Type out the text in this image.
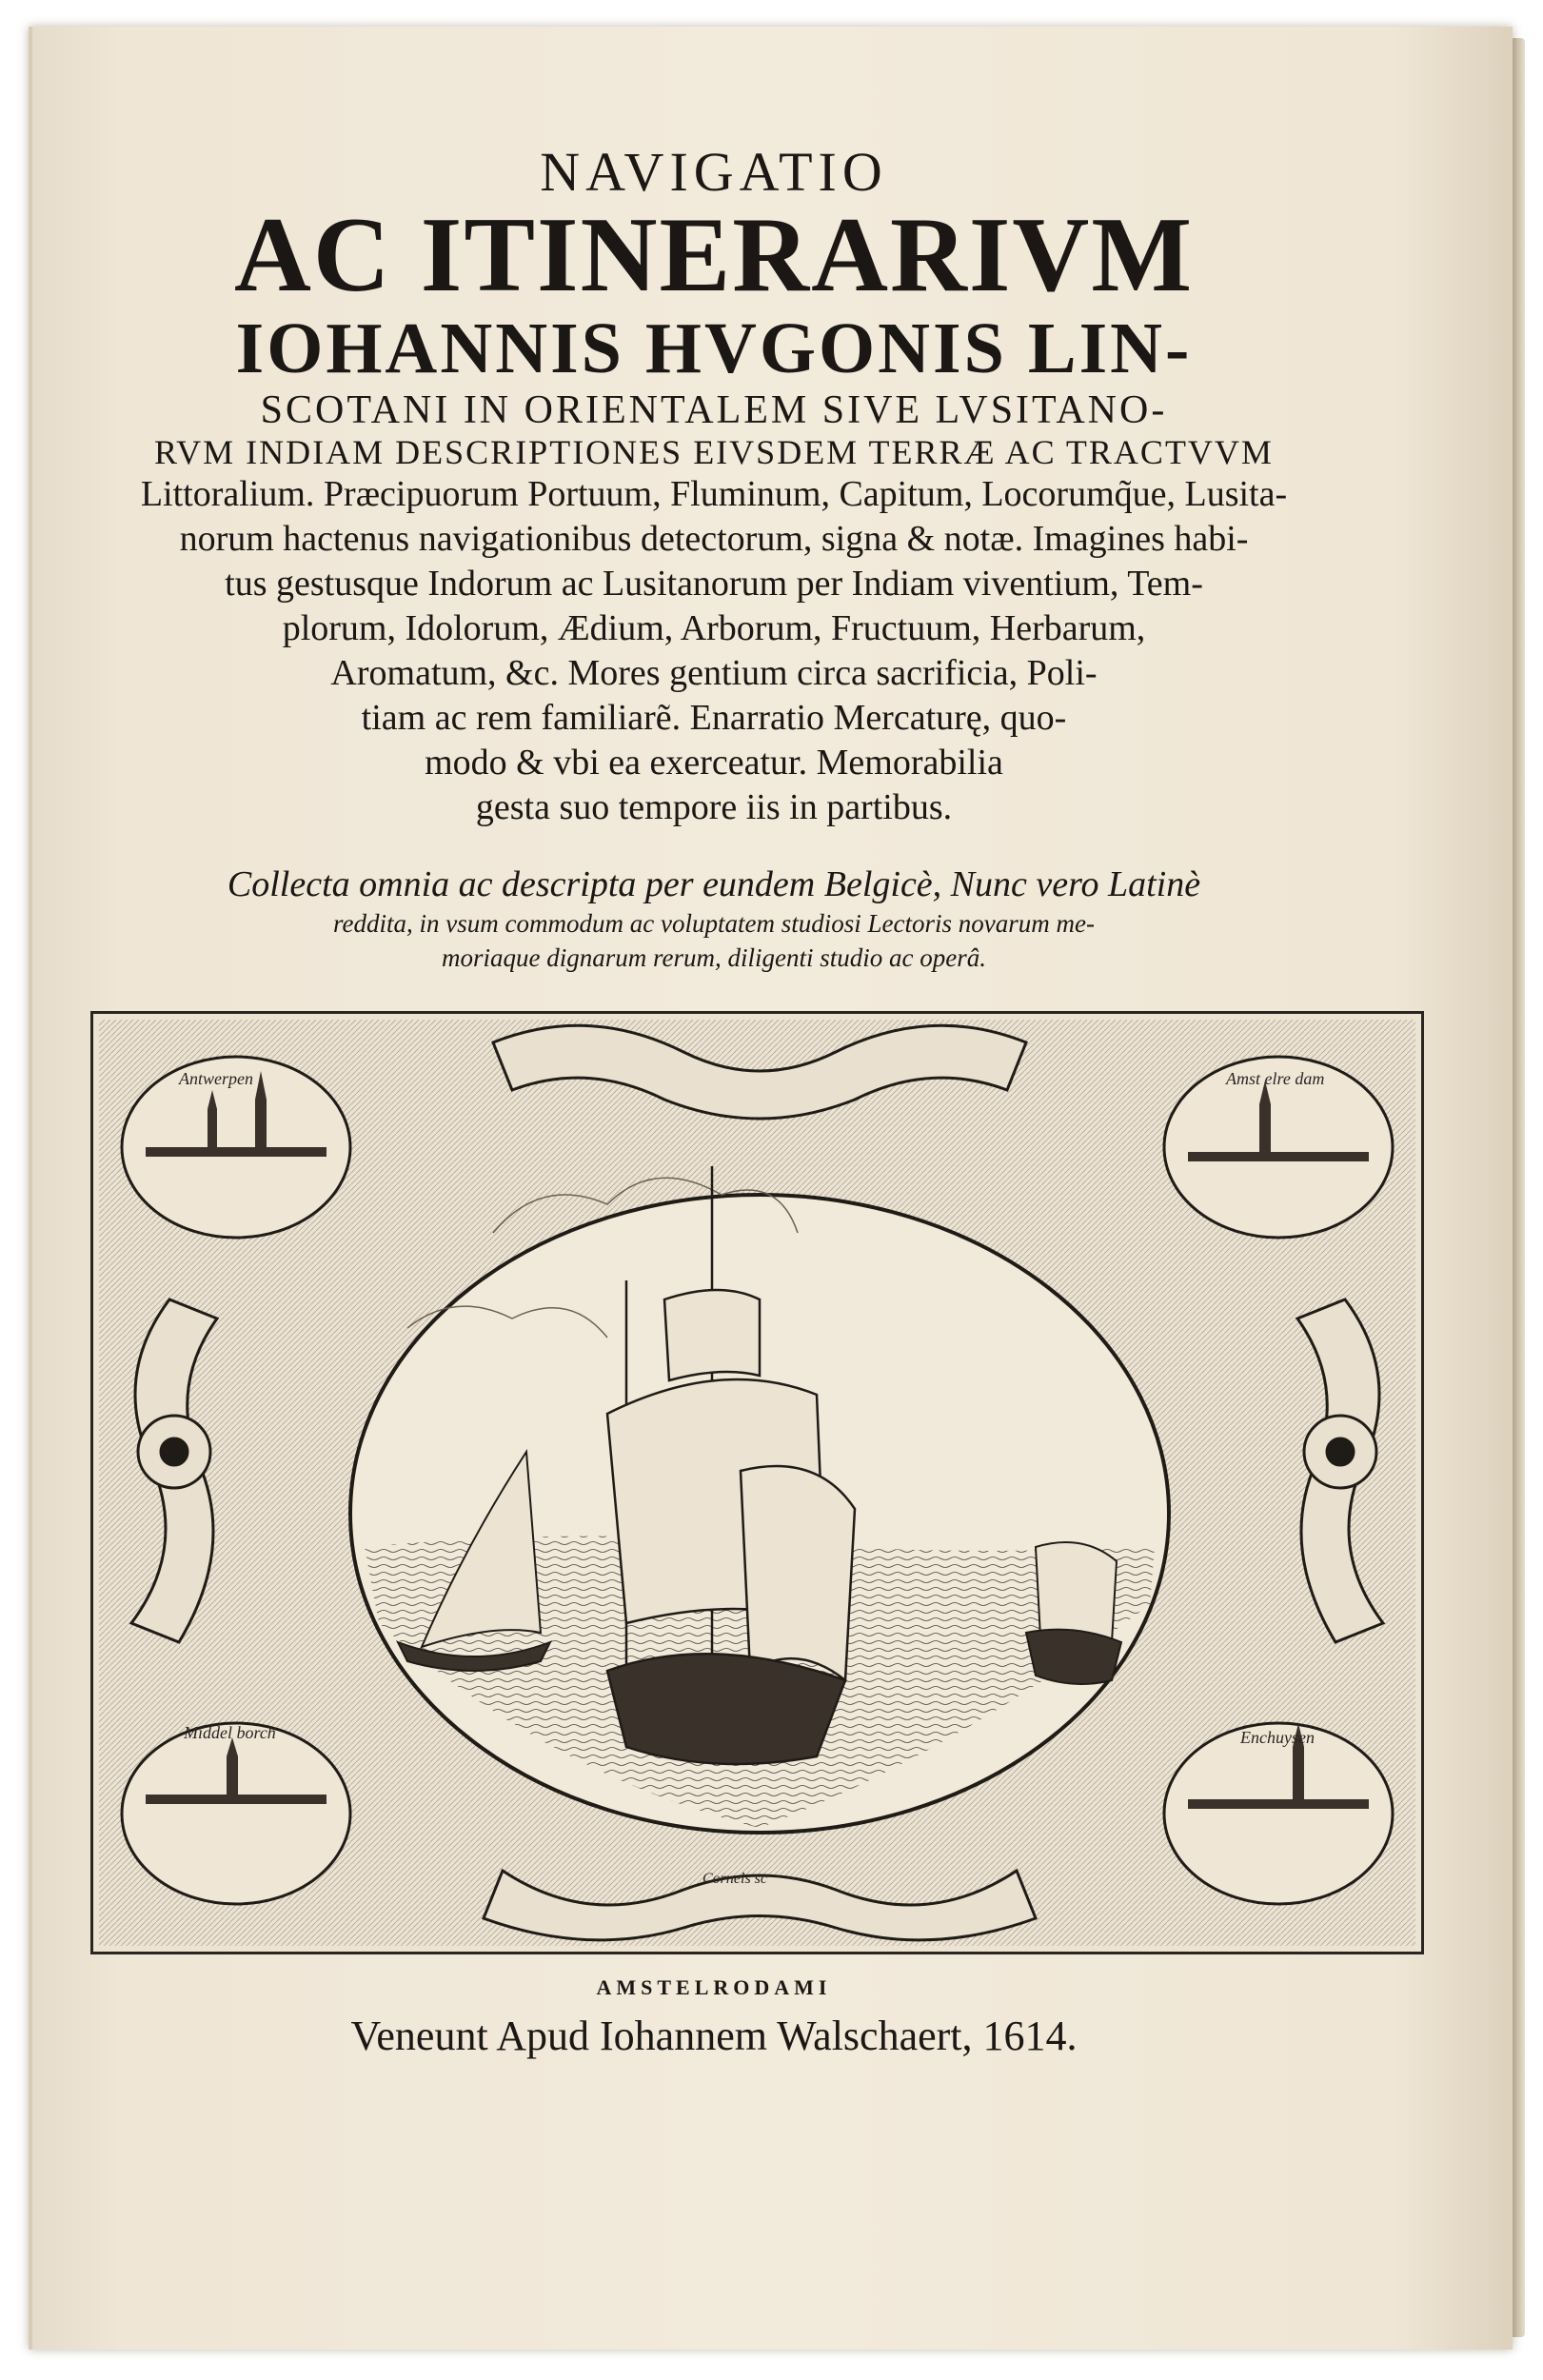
NAVIGATIO
AC ITINERARIVM
IOHANNIS HVGONIS LIN-
SCOTANI IN ORIENTALEM SIVE LVSITANO-
RVM INDIAM DESCRIPTIONES EIVSDEM TERRÆ AC TRACTVVM
Littoralium. Præcipuorum Portuum, Fluminum, Capitum, Locorumq̃ue, Lusita-
norum hactenus navigationibus detectorum, signa & notæ. Imagines habi-
tus gestusque Indorum ac Lusitanorum per Indiam viventium, Tem-
plorum, Idolorum, Ædium, Arborum, Fructuum, Herbarum,
Aromatum, &c. Mores gentium circa sacrificia, Poli-
tiam ac rem familiarẽ. Enarratio Mercaturę, quo-
modo & vbi ea exerceatur. Memorabilia
gesta suo tempore iis in partibus.
Collecta omnia ac descripta per eundem Belgicè, Nunc vero Latinè
reddita, in vsum commodum ac voluptatem studiosi Lectoris novarum me-
moriaque dignarum rerum, diligenti studio ac operâ.
Antwerpen	Amst elre dam
Middel borch	Enchuysen
Cornels sc
AMSTELRODAMI
Veneunt Apud Iohannem Walschaert, 1614.
